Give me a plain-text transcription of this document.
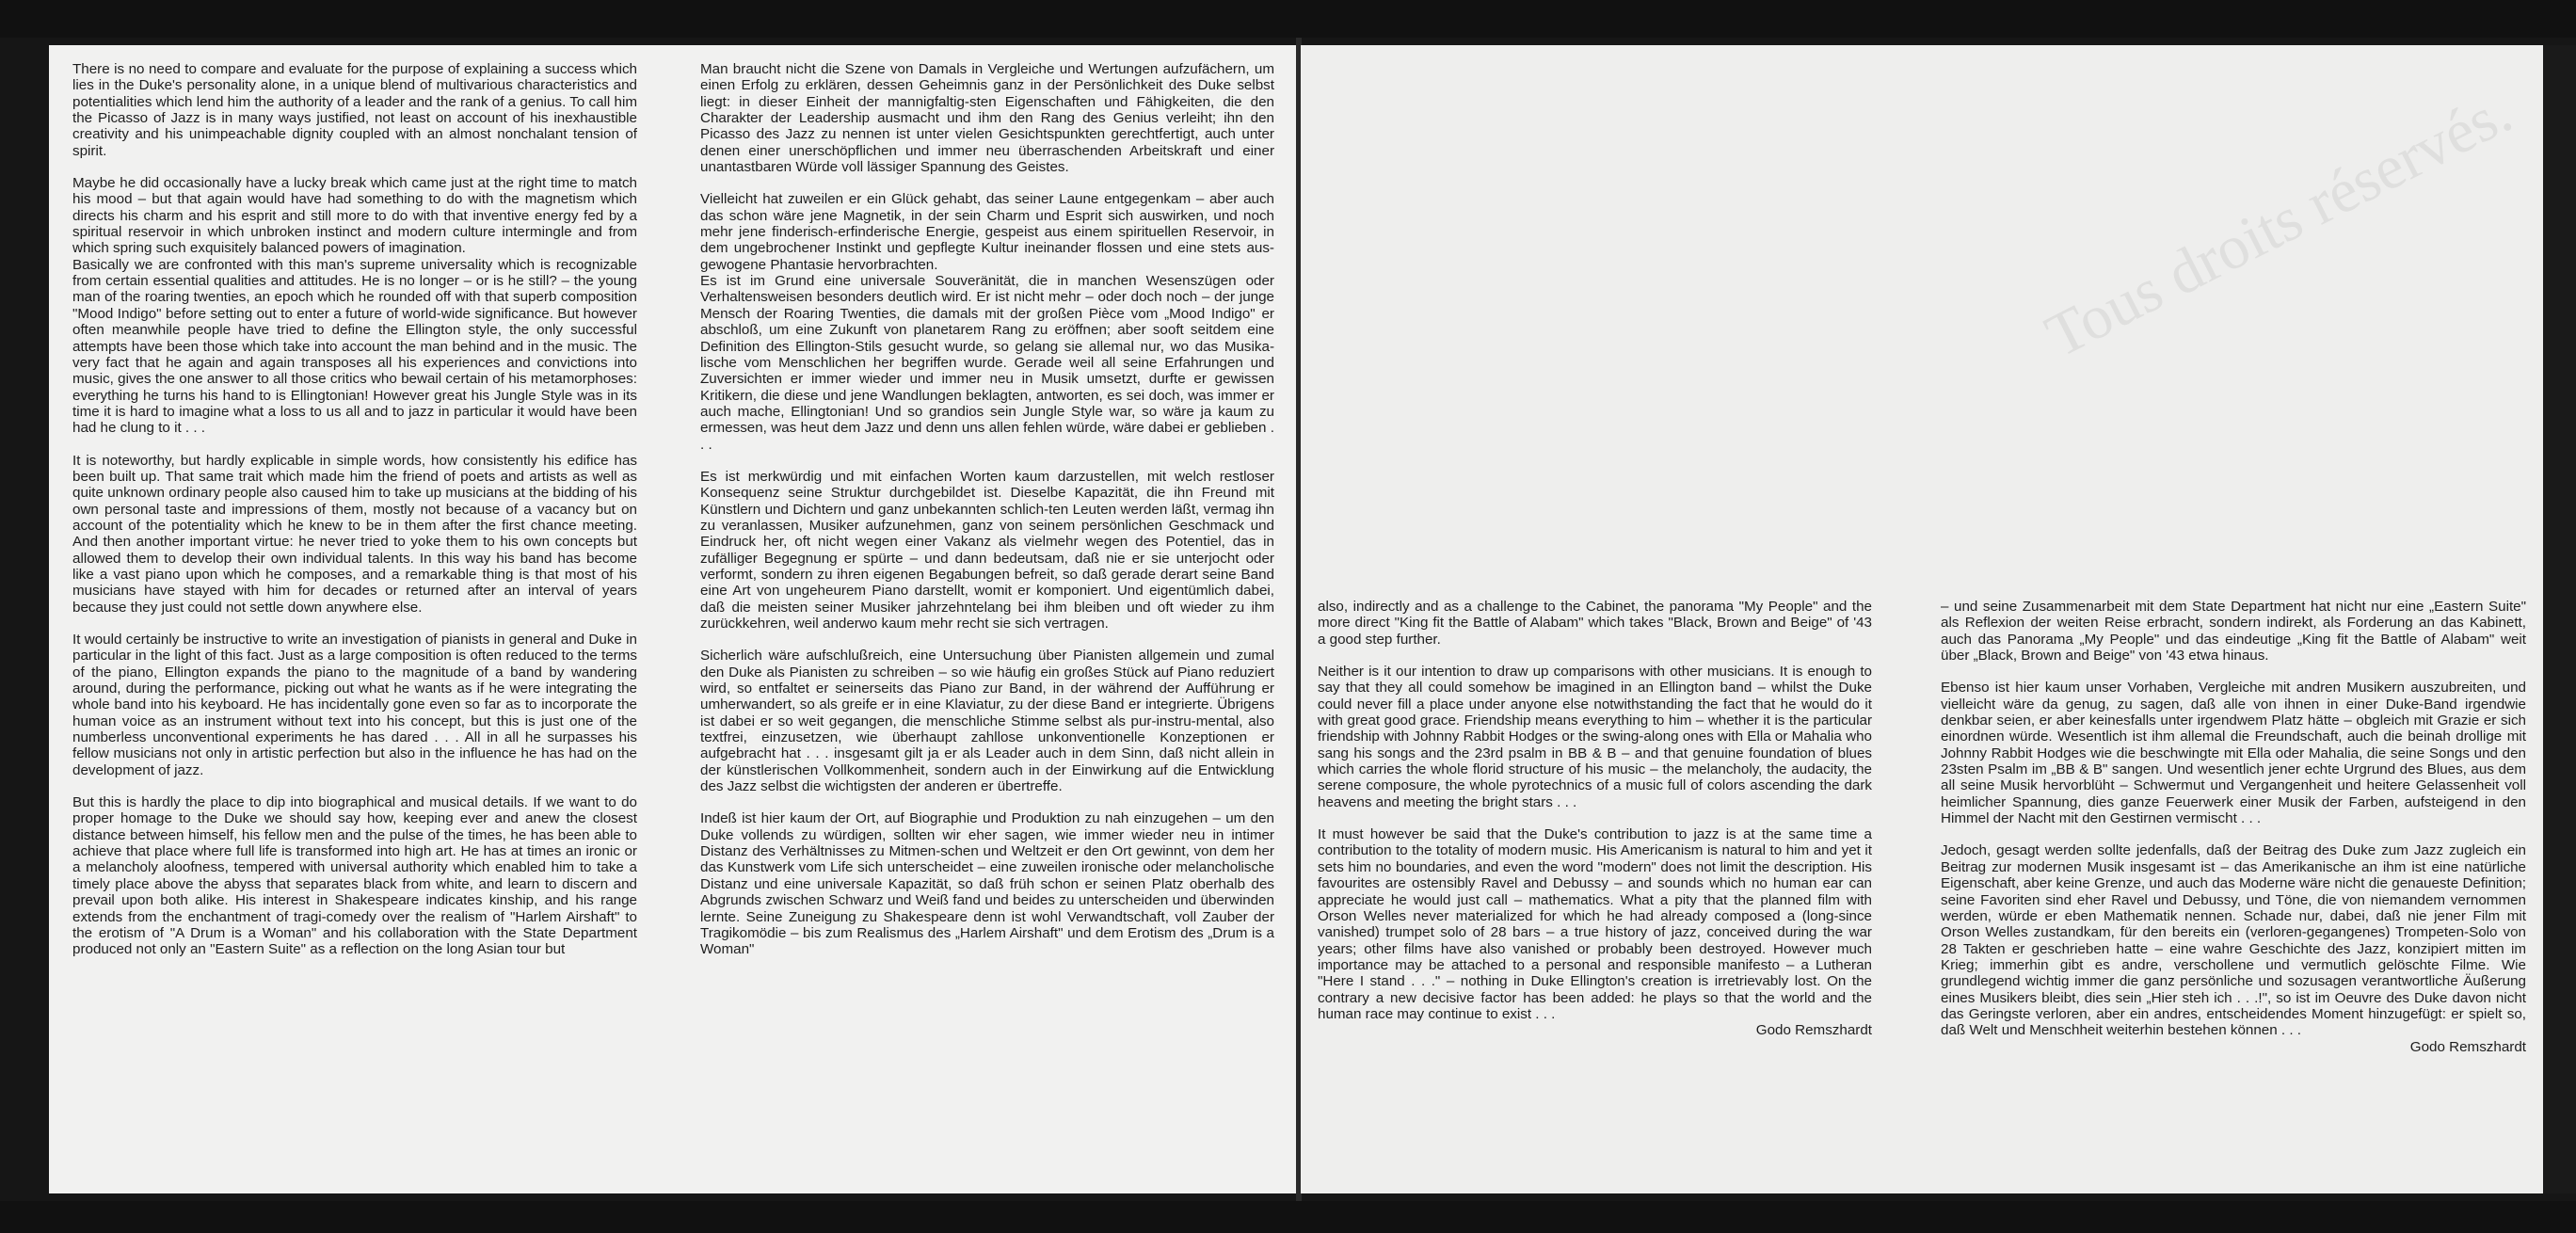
There is no need to compare and evaluate for the purpose of explaining a success which lies in the Duke's personality alone, in a unique blend of multivarious characteristics and potentialities which lend him the authority of a leader and the rank of a genius. To call him the Picasso of Jazz is in many ways justified, not least on account of his inexhaustible creativity and his unimpeachable dignity coupled with an almost nonchalant tension of spirit.

Maybe he did occasionally have a lucky break which came just at the right time to match his mood – but that again would have had something to do with the magnetism which directs his charm and his esprit and still more to do with that inventive energy fed by a spiritual reservoir in which unbroken instinct and modern culture intermingle and from which spring such exquisitely balanced powers of imagination.
Basically we are confronted with this man's supreme universality which is recognizable from certain essential qualities and attitudes. He is no longer – or is he still? – the young man of the roaring twenties, an epoch which he rounded off with that superb composition "Mood Indigo" before setting out to enter a future of world-wide significance. But however often meanwhile people have tried to define the Ellington style, the only successful attempts have been those which take into account the man behind and in the music. The very fact that he again and again transposes all his experiences and convictions into music, gives the one answer to all those critics who bewail certain of his metamorphoses: everything he turns his hand to is Ellingtonian! However great his Jungle Style was in its time it is hard to imagine what a loss to us all and to jazz in particular it would have been had he clung to it . . .

It is noteworthy, but hardly explicable in simple words, how consistently his edifice has been built up. That same trait which made him the friend of poets and artists as well as quite unknown ordinary people also caused him to take up musicians at the bidding of his own personal taste and impressions of them, mostly not because of a vacancy but on account of the potentiality which he knew to be in them after the first chance meeting. And then another important virtue: he never tried to yoke them to his own concepts but allowed them to develop their own individual talents. In this way his band has become like a vast piano upon which he composes, and a remarkable thing is that most of his musicians have stayed with him for decades or returned after an interval of years because they just could not settle down anywhere else.

It would certainly be instructive to write an investigation of pianists in general and Duke in particular in the light of this fact. Just as a large composition is often reduced to the terms of the piano, Ellington expands the piano to the magnitude of a band by wandering around, during the performance, picking out what he wants as if he were integrating the whole band into his keyboard. He has incidentally gone even so far as to incorporate the human voice as an instrument without text into his concept, but this is just one of the numberless unconventional experiments he has dared . . . All in all he surpasses his fellow musicians not only in artistic perfection but also in the influence he has had on the development of jazz.

But this is hardly the place to dip into biographical and musical details. If we want to do proper homage to the Duke we should say how, keeping ever and anew the closest distance between himself, his fellow men and the pulse of the times, he has been able to achieve that place where full life is transformed into high art. He has at times an ironic or a melancholy aloofness, tempered with universal authority which enabled him to take a timely place above the abyss that separates black from white, and learn to discern and prevail upon both alike. His interest in Shakespeare indicates kinship, and his range extends from the enchantment of tragi-comedy over the realism of "Harlem Airshaft" to the erotism of "A Drum is a Woman" and his collaboration with the State Department produced not only an "Eastern Suite" as a reflection on the long Asian tour but

Man braucht nicht die Szene von Damals in Vergleiche und Wertungen aufzufächern, um einen Erfolg zu erklären, dessen Geheimnis ganz in der Persönlichkeit des Duke selbst liegt: in dieser Einheit der mannigfaltig-sten Eigenschaften und Fähigkeiten, die den Charakter der Leadership ausmacht und ihm den Rang des Genius verleiht; ihn den Picasso des Jazz zu nennen ist unter vielen Gesichtspunkten gerechtfertigt, auch unter denen einer unerschöpflichen und immer neu überraschenden Arbeitskraft und einer unantastbaren Würde voll lässiger Spannung des Geistes.

Vielleicht hat zuweilen er ein Glück gehabt, das seiner Laune entgegenkam – aber auch das schon wäre jene Magnetik, in der sein Charm und Esprit sich auswirken, und noch mehr jene finderisch-erfinderische Energie, gespeist aus einem spirituellen Reservoir, in dem ungebrochener Instinkt und gepflegte Kultur ineinander flossen und eine stets aus-gewogene Phantasie hervorbrachten.
Es ist im Grund eine universale Souveränität, die in manchen Wesenszügen oder Verhaltensweisen besonders deutlich wird. Er ist nicht mehr – oder doch noch – der junge Mensch der Roaring Twenties, die damals mit der großen Pièce vom „Mood Indigo" er abschloß, um eine Zukunft von planetarem Rang zu eröffnen; aber sooft seitdem eine Definition des Ellington-Stils gesucht wurde, so gelang sie allemal nur, wo das Musika-lische vom Menschlichen her begriffen wurde. Gerade weil all seine Erfahrungen und Zuversichten er immer wieder und immer neu in Musik umsetzt, durfte er gewissen Kritikern, die diese und jene Wandlungen beklagten, antworten, es sei doch, was immer er auch mache, Ellingtonian! Und so grandios sein Jungle Style war, so wäre ja kaum zu ermessen, was heut dem Jazz und denn uns allen fehlen würde, wäre dabei er geblieben . . .

Es ist merkwürdig und mit einfachen Worten kaum darzustellen, mit welch restloser Konsequenz seine Struktur durchgebildet ist. Dieselbe Kapazität, die ihn Freund mit Künstlern und Dichtern und ganz unbekannten schlich-ten Leuten werden läßt, vermag ihn zu veranlassen, Musiker aufzunehmen, ganz von seinem persönlichen Geschmack und Eindruck her, oft nicht wegen einer Vakanz als vielmehr wegen des Potentiel, das in zufälliger Begegnung er spürte – und dann bedeutsam, daß nie er sie unterjocht oder verformt, sondern zu ihren eigenen Begabungen befreit, so daß gerade derart seine Band eine Art von ungeheurem Piano darstellt, womit er komponiert. Und eigentümlich dabei, daß die meisten seiner Musiker jahrzehntelang bei ihm bleiben und oft wieder zu ihm zurückkehren, weil anderwo kaum mehr recht sie sich vertragen.

Sicherlich wäre aufschlußreich, eine Untersuchung über Pianisten allgemein und zumal den Duke als Pianisten zu schreiben – so wie häufig ein großes Stück auf Piano reduziert wird, so entfaltet er seinerseits das Piano zur Band, in der während der Aufführung er umherwandert, so als greife er in eine Klaviatur, zu der diese Band er integrierte. Übrigens ist dabei er so weit gegangen, die menschliche Stimme selbst als pur-instru-mental, also textfrei, einzusetzen, wie überhaupt zahllose unkonventionelle Konzeptionen er aufgebracht hat . . . insgesamt gilt ja er als Leader auch in dem Sinn, daß nicht allein in der künstlerischen Vollkommenheit, sondern auch in der Einwirkung auf die Entwicklung des Jazz selbst die wichtigsten der anderen er übertreffe.

Indeß ist hier kaum der Ort, auf Biographie und Produktion zu nah einzugehen – um den Duke vollends zu würdigen, sollten wir eher sagen, wie immer wieder neu in intimer Distanz des Verhältnisses zu Mitmen-schen und Weltzeit er den Ort gewinnt, von dem her das Kunstwerk vom Life sich unterscheidet – eine zuweilen ironische oder melancholische Distanz und eine universale Kapazität, so daß früh schon er seinen Platz oberhalb des Abgrunds zwischen Schwarz und Weiß fand und beides zu unterscheiden und überwinden lernte. Seine Zuneigung zu Shakespeare denn ist wohl Verwandtschaft, voll Zauber der Tragikomödie – bis zum Realismus des „Harlem Airshaft" und dem Erotism des „Drum is a Woman"

Tous droits réservés.

also, indirectly and as a challenge to the Cabinet, the panorama "My People" and the more direct "King fit the Battle of Alabam" which takes "Black, Brown and Beige" of '43 a good step further.

Neither is it our intention to draw up comparisons with other musicians. It is enough to say that they all could somehow be imagined in an Ellington band – whilst the Duke could never fill a place under anyone else notwithstanding the fact that he would do it with great good grace. Friendship means everything to him – whether it is the particular friendship with Johnny Rabbit Hodges or the swing-along ones with Ella or Mahalia who sang his songs and the 23rd psalm in BB & B – and that genuine foundation of blues which carries the whole florid structure of his music – the melancholy, the audacity, the serene composure, the whole pyrotechnics of a music full of colors ascending the dark heavens and meeting the bright stars . . .

It must however be said that the Duke's contribution to jazz is at the same time a contribution to the totality of modern music. His Americanism is natural to him and yet it sets him no boundaries, and even the word "modern" does not limit the description. His favourites are ostensibly Ravel and Debussy – and sounds which no human ear can appreciate he would just call – mathematics. What a pity that the planned film with Orson Welles never materialized for which he had already composed a (long-since vanished) trumpet solo of 28 bars – a true history of jazz, conceived during the war years; other films have also vanished or probably been destroyed. However much importance may be attached to a personal and responsible manifesto – a Lutheran "Here I stand . . ." – nothing in Duke Ellington's creation is irretrievably lost. On the contrary a new decisive factor has been added: he plays so that the world and the human race may continue to exist . . .
Godo Remszhardt

– und seine Zusammenarbeit mit dem State Department hat nicht nur eine „Eastern Suite" als Reflexion der weiten Reise erbracht, sondern indirekt, als Forderung an das Kabinett, auch das Panorama „My People" und das eindeutige „King fit the Battle of Alabam" weit über „Black, Brown and Beige" von '43 etwa hinaus.

Ebenso ist hier kaum unser Vorhaben, Vergleiche mit andren Musikern auszubreiten, und vielleicht wäre da genug, zu sagen, daß alle von ihnen in einer Duke-Band irgendwie denkbar seien, er aber keinesfalls unter irgendwem Platz hätte – obgleich mit Grazie er sich einordnen würde. Wesentlich ist ihm allemal die Freundschaft, auch die beinah drollige mit Johnny Rabbit Hodges wie die beschwingte mit Ella oder Mahalia, die seine Songs und den 23sten Psalm im „BB & B" sangen. Und wesentlich jener echte Urgrund des Blues, aus dem all seine Musik hervorblüht – Schwermut und Vergangenheit und heitere Gelassenheit voll heimlicher Spannung, dies ganze Feuerwerk einer Musik der Farben, aufsteigend in den Himmel der Nacht mit den Gestirnen vermischt . . .

Jedoch, gesagt werden sollte jedenfalls, daß der Beitrag des Duke zum Jazz zugleich ein Beitrag zur modernen Musik insgesamt ist – das Amerikanische an ihm ist eine natürliche Eigenschaft, aber keine Grenze, und auch das Moderne wäre nicht die genaueste Definition; seine Favoriten sind eher Ravel und Debussy, und Töne, die von niemandem vernommen werden, würde er eben Mathematik nennen. Schade nur, dabei, daß nie jener Film mit Orson Welles zustandkam, für den bereits ein (verloren-gegangenes) Trompeten-Solo von 28 Takten er geschrieben hatte – eine wahre Geschichte des Jazz, konzipiert mitten im Krieg; immerhin gibt es andre, verschollene und vermutlich gelöschte Filme. Wie grundlegend wichtig immer die ganz persönliche und sozusagen verantwortliche Äußerung eines Musikers bleibt, dies sein „Hier steh ich . . .!", so ist im Oeuvre des Duke davon nicht das Geringste verloren, aber ein andres, entscheidendes Moment hinzugefügt: er spielt so, daß Welt und Menschheit weiterhin bestehen können . . .
Godo Remszhardt
